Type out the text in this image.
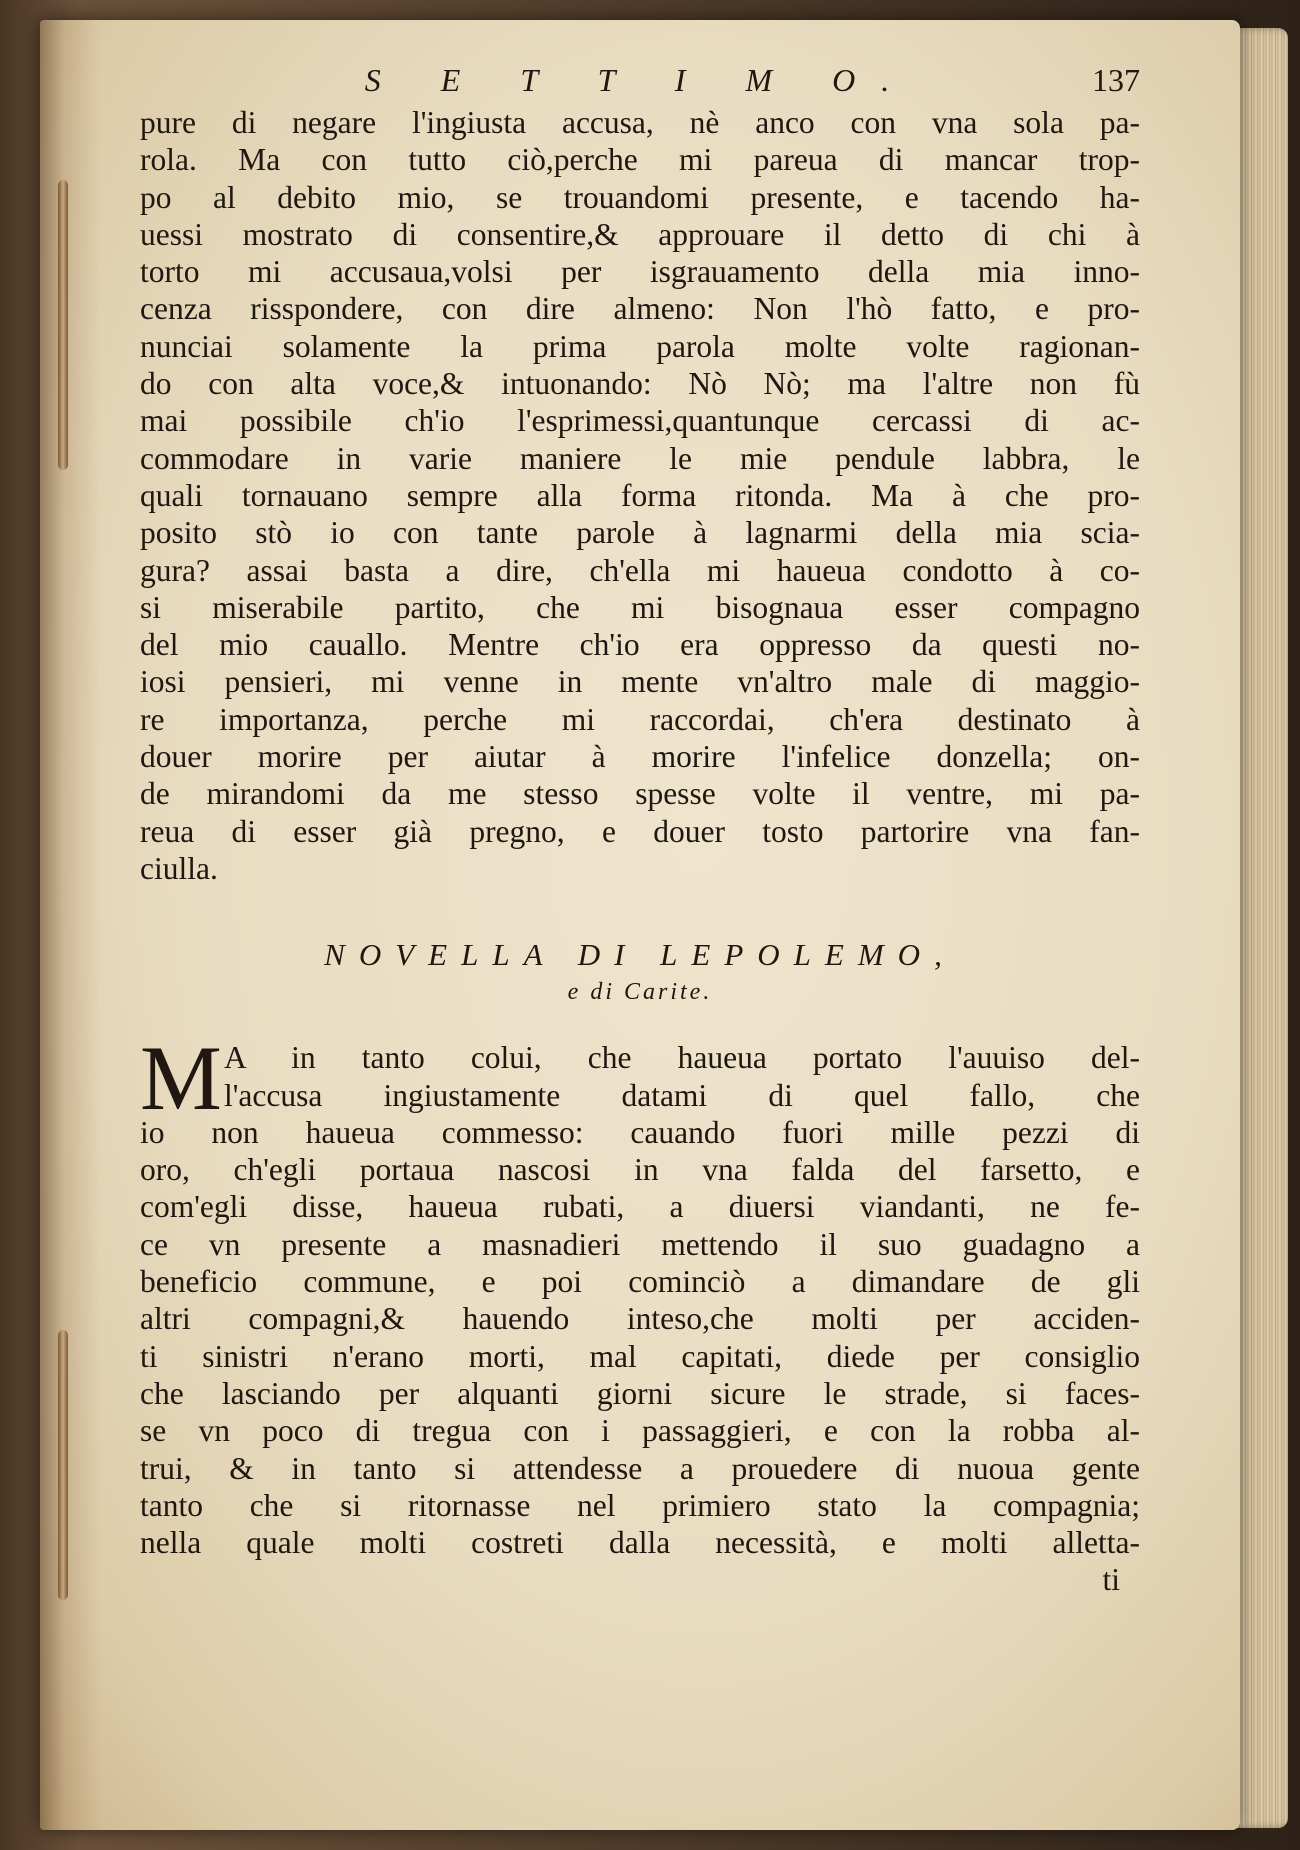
S E T T I M O.	137
pure di negare l'ingiusta accusa, nè anco con vna sola pa-
rola. Ma con tutto ciò,perche mi pareua di mancar trop-
po al debito mio, se trouandomi presente, e tacendo ha-
uessi mostrato di consentire,& approuare il detto di chi à
torto mi accusaua,volsi per isgrauamento della mia inno-
cenza risspondere, con dire almeno: Non l'hò fatto, e pro-
nunciai solamente la prima parola molte volte ragionan-
do con alta voce,& intuonando: Nò Nò; ma l'altre non fù
mai possibile ch'io l'esprimessi,quantunque cercassi di ac-
commodare in varie maniere le mie pendule labbra, le
quali tornauano sempre alla forma ritonda. Ma à che pro-
posito stò io con tante parole à lagnarmi della mia scia-
gura? assai basta a dire, ch'ella mi haueua condotto à co-
si miserabile partito, che mi bisognaua esser compagno
del mio cauallo. Mentre ch'io era oppresso da questi no-
iosi pensieri, mi venne in mente vn'altro male di maggio-
re importanza, perche mi raccordai, ch'era destinato à
douer morire per aiutar à morire l'infelice donzella; on-
de mirandomi da me stesso spesse volte il ventre, mi pa-
reua di esser già pregno, e douer tosto partorire vna fan-
ciulla.
NOVELLA DI LEPOLEMO,
e di Carite.
M A in tanto colui, che haueua portato l'auuiso del-
l'accusa ingiustamente datami di quel fallo, che
io non haueua commesso: cauando fuori mille pezzi di
oro, ch'egli portaua nascosi in vna falda del farsetto, e
com'egli disse, haueua rubati, a diuersi viandanti, ne fe-
ce vn presente a masnadieri mettendo il suo guadagno a
beneficio commune, e poi cominciò a dimandare de gli
altri compagni,& hauendo inteso,che molti per acciden-
ti sinistri n'erano morti, mal capitati, diede per consiglio
che lasciando per alquanti giorni sicure le strade, si faces-
se vn poco di tregua con i passaggieri, e con la robba al-
trui, & in tanto si attendesse a prouedere di nuoua gente
tanto che si ritornasse nel primiero stato la compagnia;
nella quale molti costreti dalla necessità, e molti alletta-
ti
